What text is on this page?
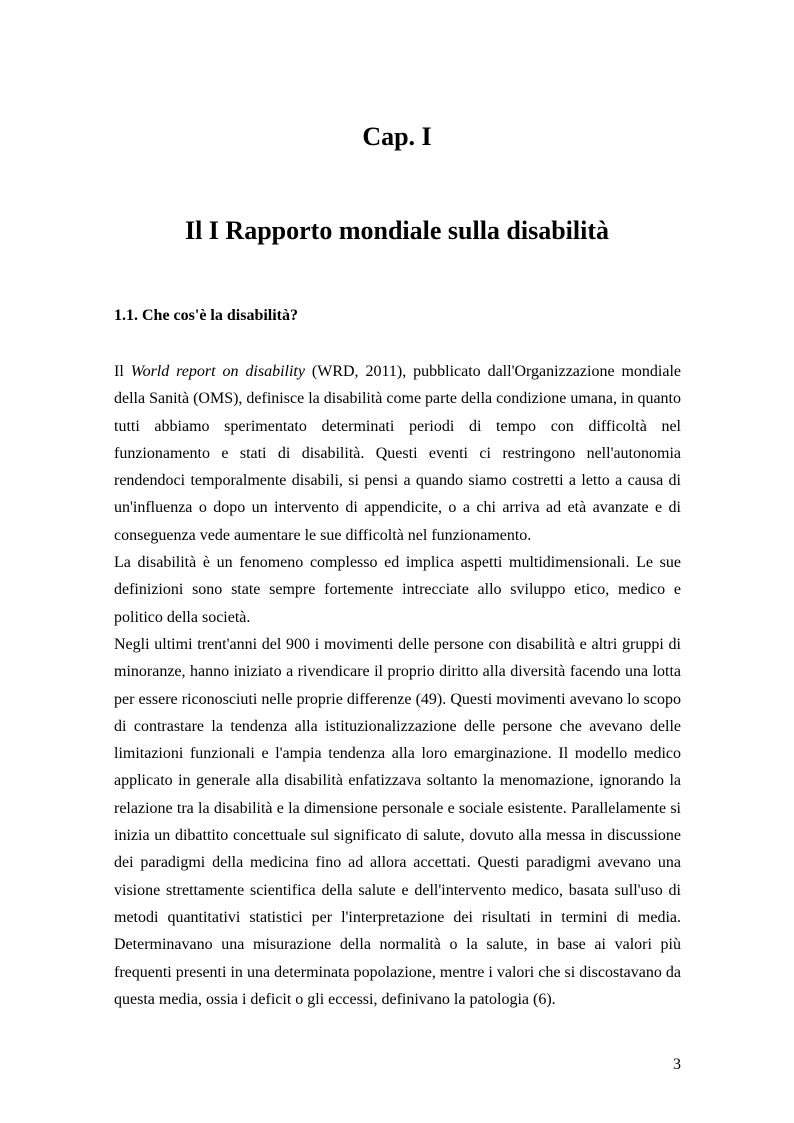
Cap. I
Il I Rapporto mondiale sulla disabilità
1.1. Che cos'è la disabilità?

Il World report on disability (WRD, 2011), pubblicato dall'Organizzazione mondiale della Sanità (OMS), definisce la disabilità come parte della condizione umana, in quanto tutti abbiamo sperimentato determinati periodi di tempo con difficoltà nel funzionamento e stati di disabilità. Questi eventi ci restringono nell'autonomia rendendoci temporalmente disabili, si pensi a quando siamo costretti a letto a causa di un'influenza o dopo un intervento di appendicite, o a chi arriva ad età avanzate e di conseguenza vede aumentare le sue difficoltà nel funzionamento.

La disabilità è un fenomeno complesso ed implica aspetti multidimensionali. Le sue definizioni sono state sempre fortemente intrecciate allo sviluppo etico, medico e politico della società.

Negli ultimi trent'anni del 900 i movimenti delle persone con disabilità e altri gruppi di minoranze, hanno iniziato a rivendicare il proprio diritto alla diversità facendo una lotta per essere riconosciuti nelle proprie differenze (49). Questi movimenti avevano lo scopo di contrastare la tendenza alla istituzionalizzazione delle persone che avevano delle limitazioni funzionali e l'ampia tendenza alla loro emarginazione. Il modello medico applicato in generale alla disabilità enfatizzava soltanto la menomazione, ignorando la relazione tra la disabilità e la dimensione personale e sociale esistente. Parallelamente si inizia un dibattito concettuale sul significato di salute, dovuto alla messa in discussione dei paradigmi della medicina fino ad allora accettati. Questi paradigmi avevano una visione strettamente scientifica della salute e dell'intervento medico, basata sull'uso di metodi quantitativi statistici per l'interpretazione dei risultati in termini di media. Determinavano una misurazione della normalità o la salute, in base ai valori più frequenti presenti in una determinata popolazione, mentre i valori che si discostavano da questa media, ossia i deficit o gli eccessi, definivano la patologia (6).

3
